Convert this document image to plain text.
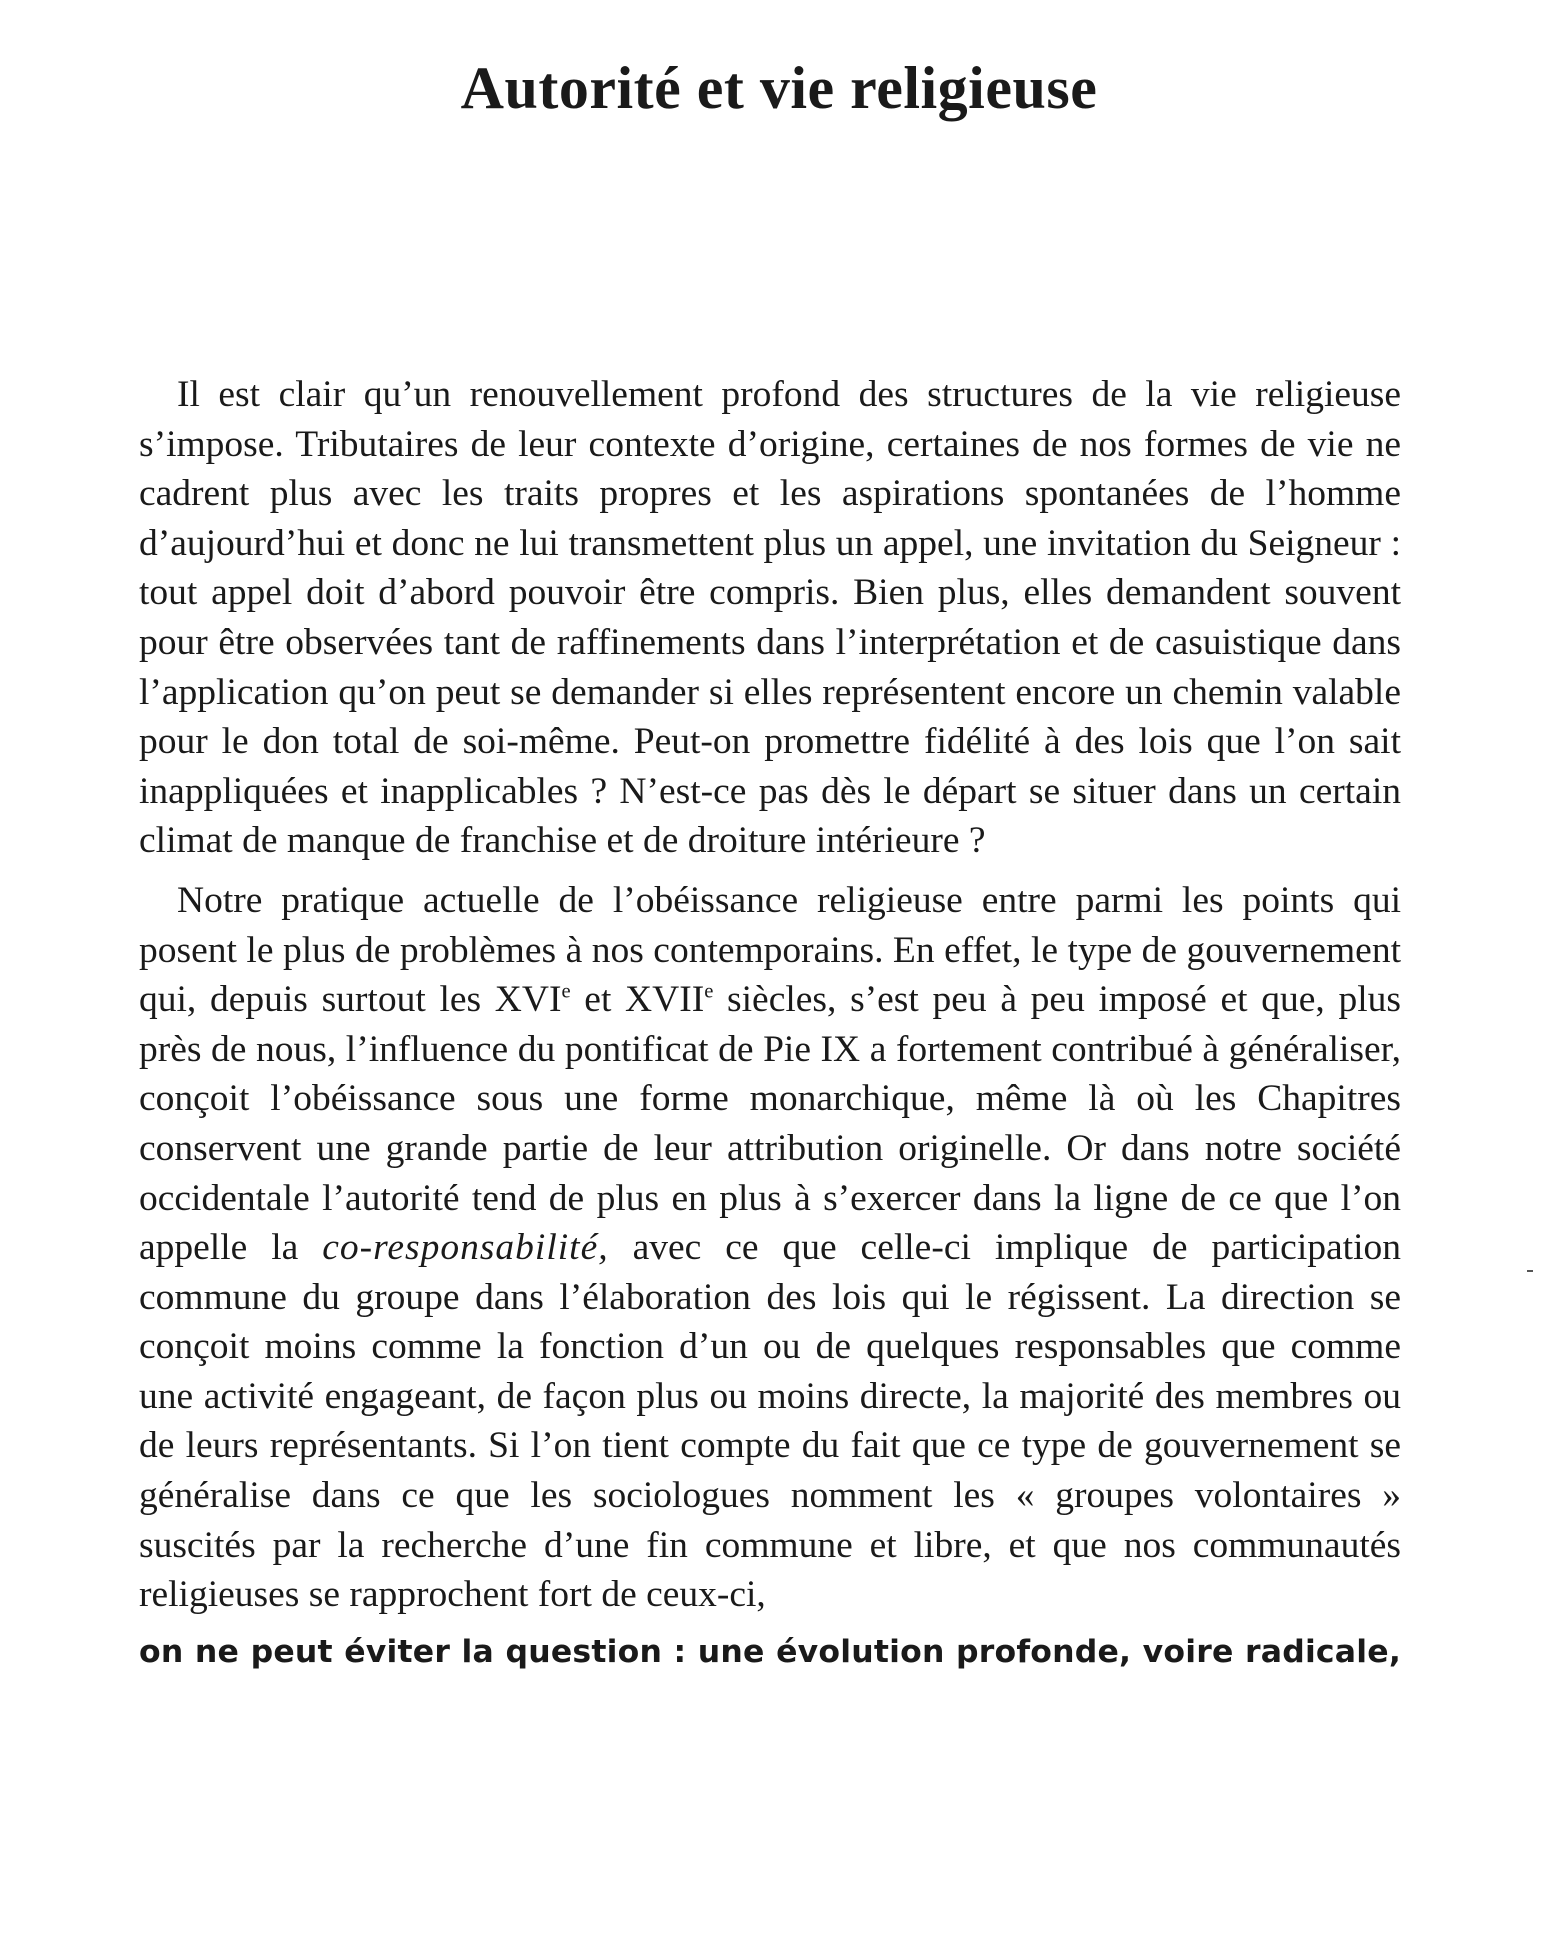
Autorité et vie religieuse

Il est clair qu’un renouvellement profond des structures de la vie religieuse s’impose. Tributaires de leur contexte d’origine, certaines de nos formes de vie ne cadrent plus avec les traits propres et les aspirations spontanées de l’homme d’aujourd’hui et donc ne lui transmettent plus un appel, une invitation du Seigneur : tout appel doit d’abord pouvoir être compris. Bien plus, elles demandent souvent pour être observées tant de raffinements dans l’interprétation et de casuistique dans l’application qu’on peut se demander si elles représentent encore un chemin valable pour le don total de soi-même. Peut-on promettre fidélité à des lois que l’on sait inappliquées et inapplicables ? N’est-ce pas dès le départ se situer dans un certain climat de manque de franchise et de droiture intérieure ?

Notre pratique actuelle de l’obéissance religieuse entre parmi les points qui posent le plus de problèmes à nos contemporains. En effet, le type de gouvernement qui, depuis surtout les XVIe et XVIIe siècles, s’est peu à peu imposé et que, plus près de nous, l’influence du pontificat de Pie IX a fortement contribué à généraliser, conçoit l’obéissance sous une forme monarchique, même là où les Chapitres conservent une grande partie de leur attribution originelle. Or dans notre société occidentale l’autorité tend de plus en plus à s’exercer dans la ligne de ce que l’on appelle la co-responsabilité, avec ce que celle-ci implique de participation commune du groupe dans l’élaboration des lois qui le régissent. La direction se conçoit moins comme la fonction d’un ou de quelques responsables que comme une activité engageant, de façon plus ou moins directe, la majorité des membres ou de leurs représentants. Si l’on tient compte du fait que ce type de gouvernement se généralise dans ce que les sociologues nomment les « groupes volontaires » suscités par la recherche d’une fin commune et libre, et que nos communautés religieuses se rapprochent fort de ceux-ci,

on ne peut éviter la question : une évolution profonde, voire radicale,
